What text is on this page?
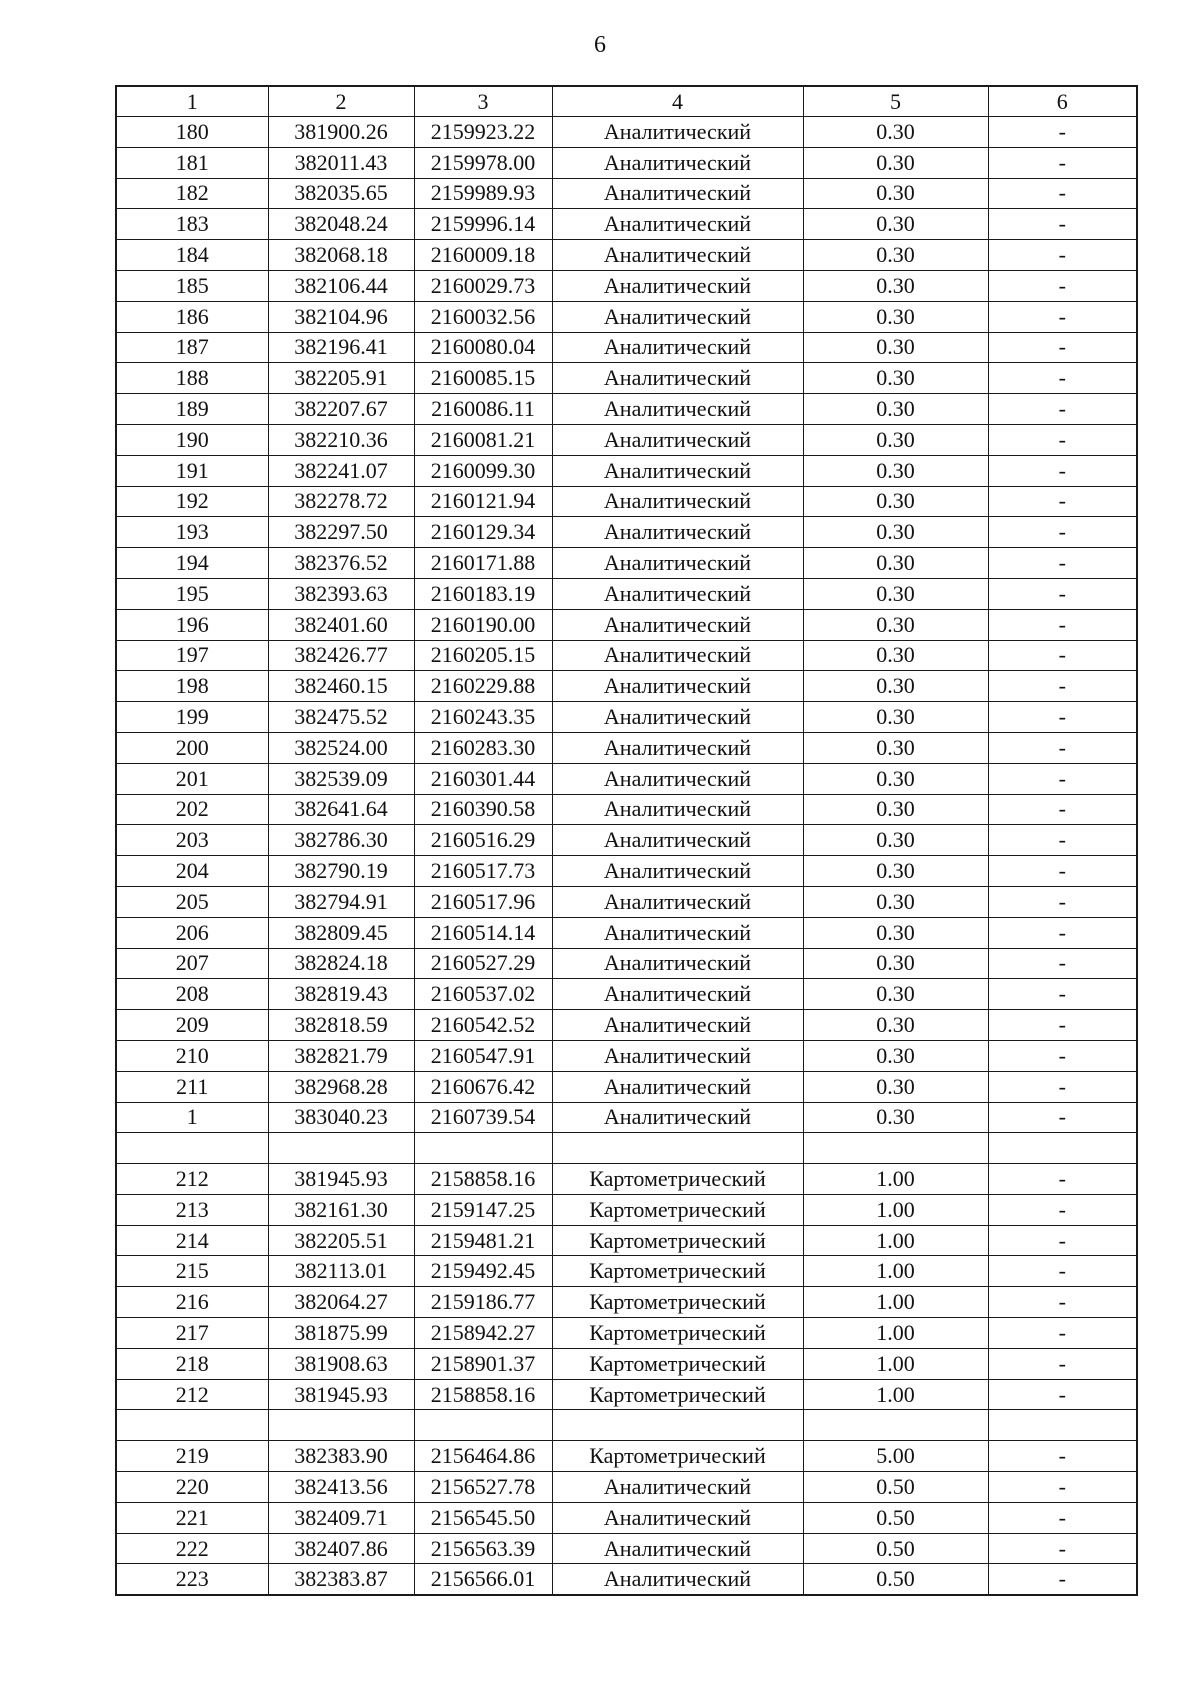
6
1	2	3	4	5	6
180	381900.26	2159923.22	Аналитический	0.30	-
181	382011.43	2159978.00	Аналитический	0.30	-
182	382035.65	2159989.93	Аналитический	0.30	-
183	382048.24	2159996.14	Аналитический	0.30	-
184	382068.18	2160009.18	Аналитический	0.30	-
185	382106.44	2160029.73	Аналитический	0.30	-
186	382104.96	2160032.56	Аналитический	0.30	-
187	382196.41	2160080.04	Аналитический	0.30	-
188	382205.91	2160085.15	Аналитический	0.30	-
189	382207.67	2160086.11	Аналитический	0.30	-
190	382210.36	2160081.21	Аналитический	0.30	-
191	382241.07	2160099.30	Аналитический	0.30	-
192	382278.72	2160121.94	Аналитический	0.30	-
193	382297.50	2160129.34	Аналитический	0.30	-
194	382376.52	2160171.88	Аналитический	0.30	-
195	382393.63	2160183.19	Аналитический	0.30	-
196	382401.60	2160190.00	Аналитический	0.30	-
197	382426.77	2160205.15	Аналитический	0.30	-
198	382460.15	2160229.88	Аналитический	0.30	-
199	382475.52	2160243.35	Аналитический	0.30	-
200	382524.00	2160283.30	Аналитический	0.30	-
201	382539.09	2160301.44	Аналитический	0.30	-
202	382641.64	2160390.58	Аналитический	0.30	-
203	382786.30	2160516.29	Аналитический	0.30	-
204	382790.19	2160517.73	Аналитический	0.30	-
205	382794.91	2160517.96	Аналитический	0.30	-
206	382809.45	2160514.14	Аналитический	0.30	-
207	382824.18	2160527.29	Аналитический	0.30	-
208	382819.43	2160537.02	Аналитический	0.30	-
209	382818.59	2160542.52	Аналитический	0.30	-
210	382821.79	2160547.91	Аналитический	0.30	-
211	382968.28	2160676.42	Аналитический	0.30	-
1	383040.23	2160739.54	Аналитический	0.30	-

212	381945.93	2158858.16	Картометрический	1.00	-
213	382161.30	2159147.25	Картометрический	1.00	-
214	382205.51	2159481.21	Картометрический	1.00	-
215	382113.01	2159492.45	Картометрический	1.00	-
216	382064.27	2159186.77	Картометрический	1.00	-
217	381875.99	2158942.27	Картометрический	1.00	-
218	381908.63	2158901.37	Картометрический	1.00	-
212	381945.93	2158858.16	Картометрический	1.00	-

219	382383.90	2156464.86	Картометрический	5.00	-
220	382413.56	2156527.78	Аналитический	0.50	-
221	382409.71	2156545.50	Аналитический	0.50	-
222	382407.86	2156563.39	Аналитический	0.50	-
223	382383.87	2156566.01	Аналитический	0.50	-
